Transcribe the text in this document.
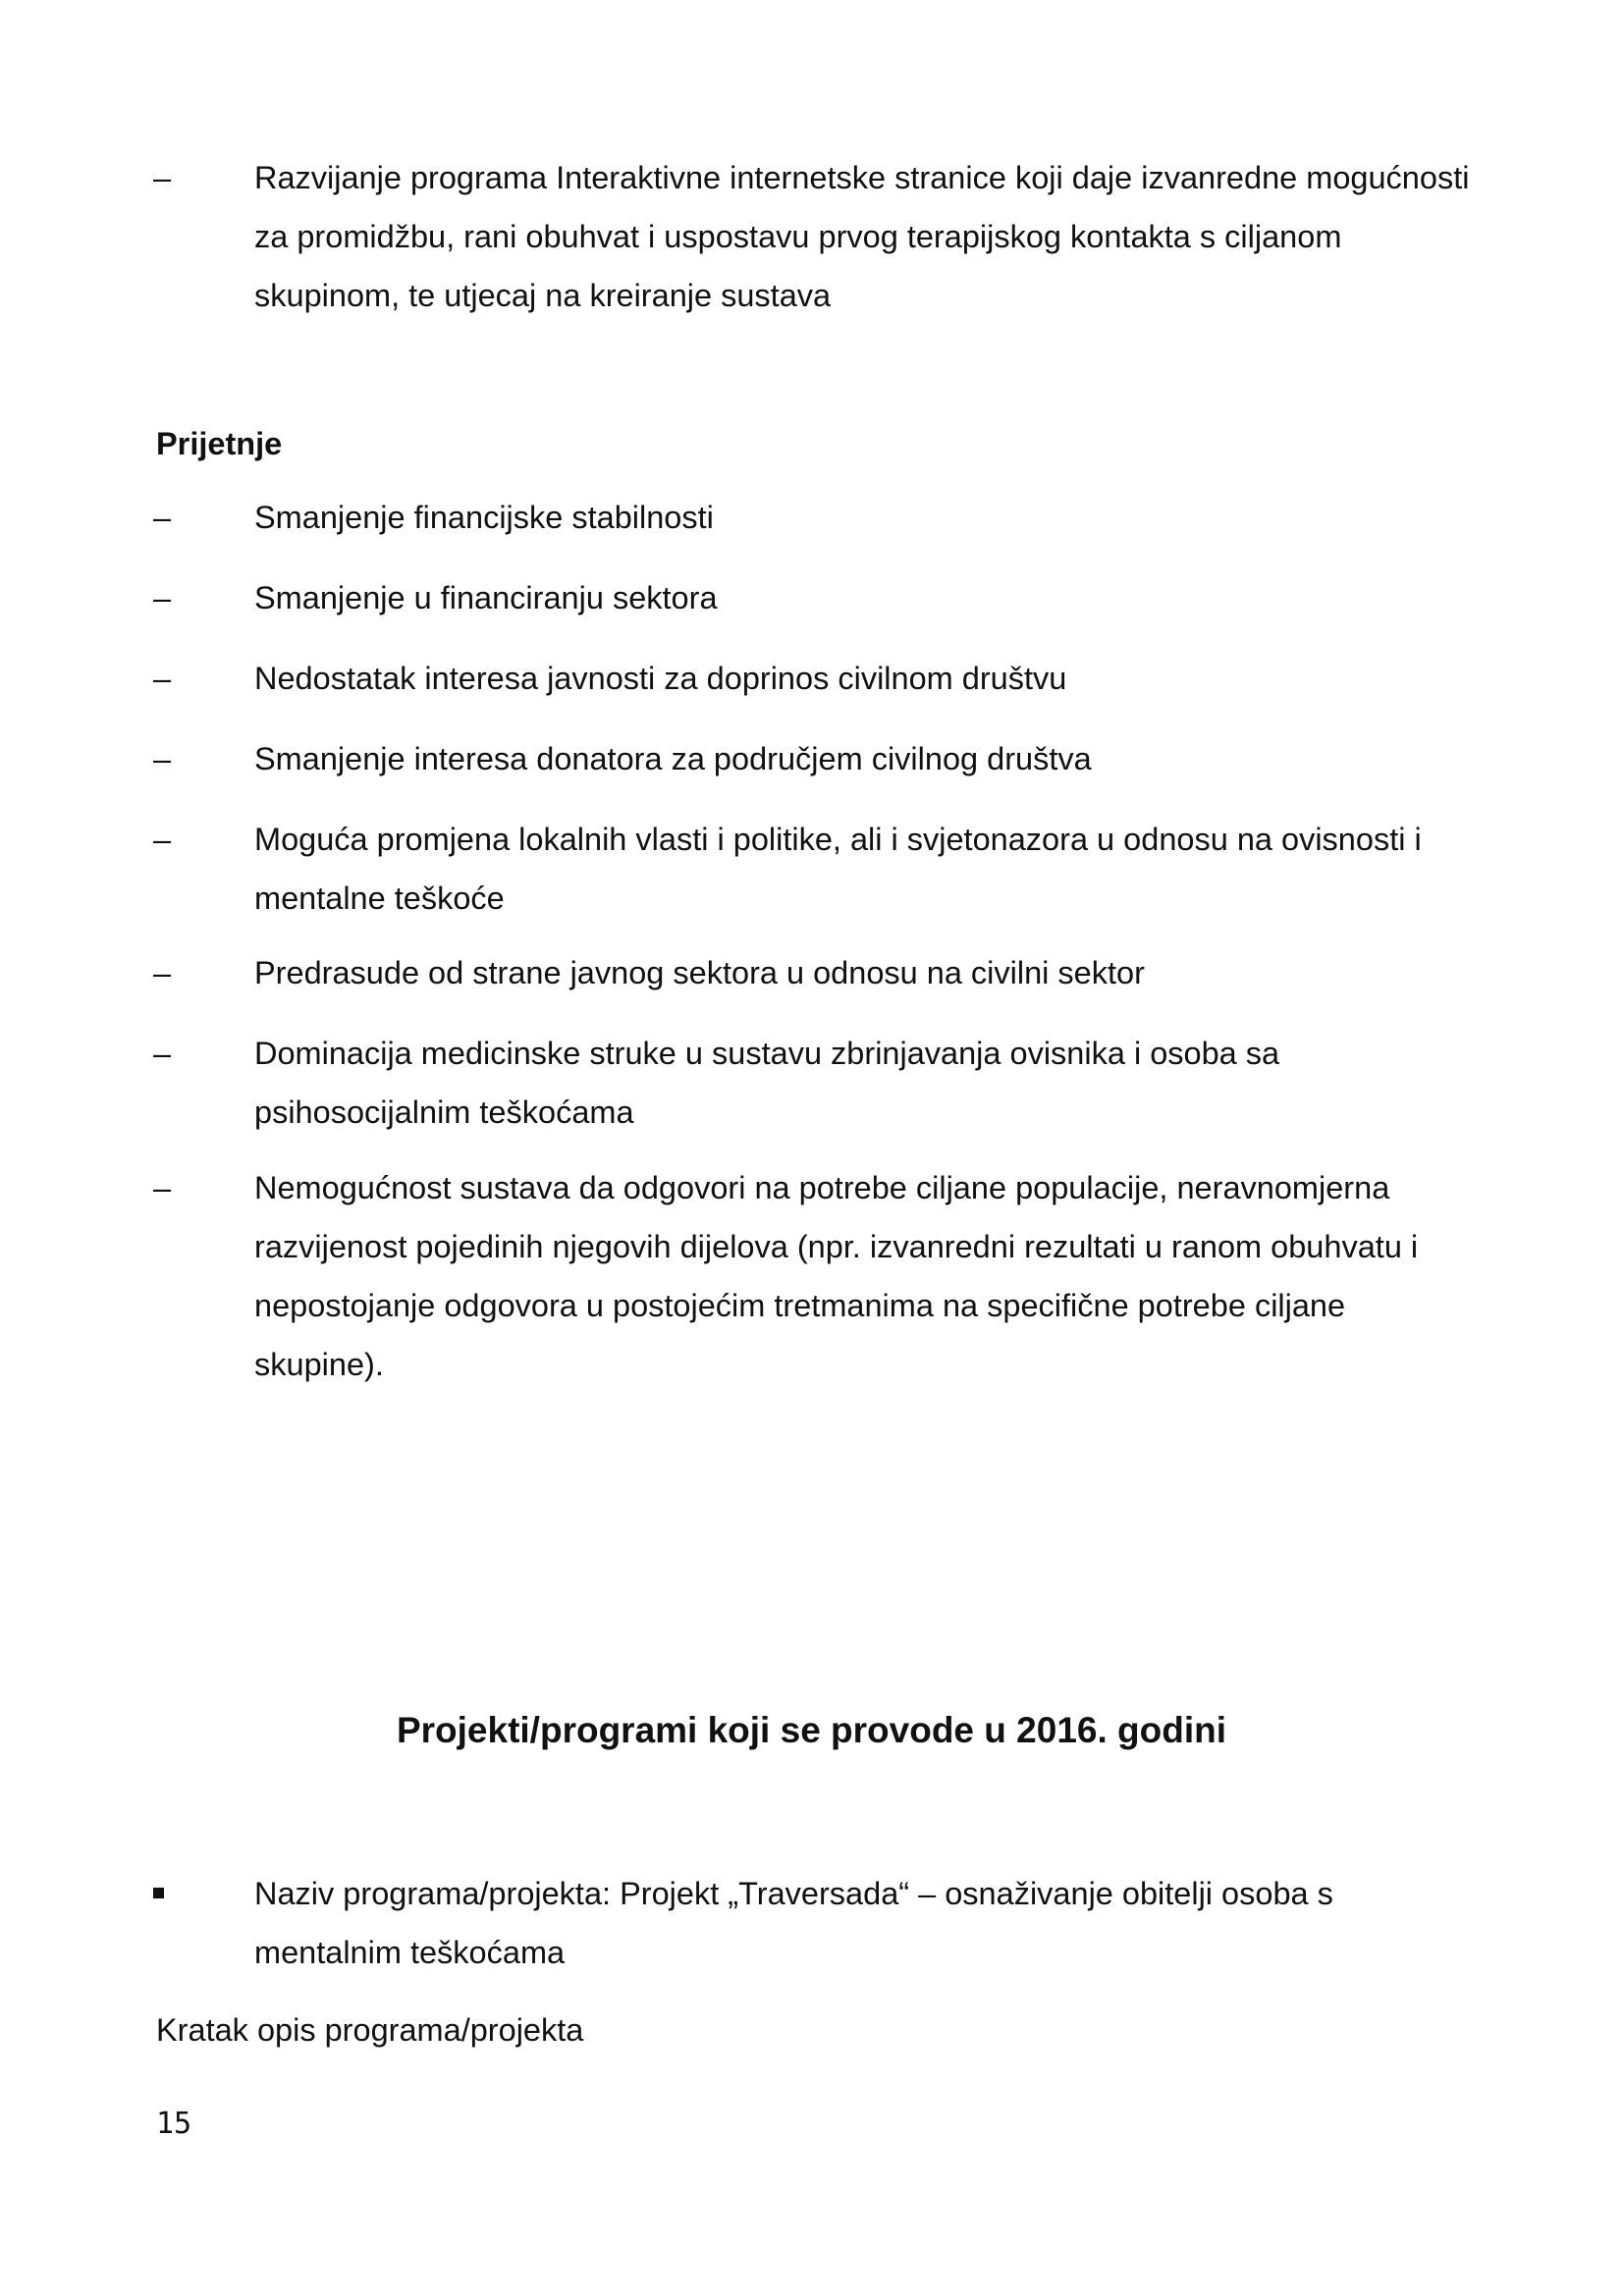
–	Razvijanje programa Interaktivne internetske stranice koji daje izvanredne mogućnosti za promidžbu, rani obuhvat i uspostavu prvog terapijskog kontakta s ciljanom skupinom, te utjecaj na kreiranje sustava
Prijetnje
–	Smanjenje financijske stabilnosti
–	Smanjenje u financiranju sektora
–	Nedostatak interesa javnosti za doprinos civilnom društvu
–	Smanjenje interesa donatora za područjem civilnog društva
–	Moguća promjena lokalnih vlasti i politike, ali i svjetonazora u odnosu na ovisnosti i mentalne teškoće
–	Predrasude od strane javnog sektora u odnosu na civilni sektor
–	Dominacija medicinske struke u sustavu zbrinjavanja ovisnika i osoba sa psihosocijalnim teškoćama
–	Nemogućnost sustava da odgovori na potrebe ciljane populacije, neravnomjerna razvijenost pojedinih njegovih dijelova (npr. izvanredni rezultati u ranom obuhvatu i nepostojanje odgovora u postojećim tretmanima na specifične potrebe ciljane skupine).
Projekti/programi koji se provode u 2016. godini
Naziv programa/projekta: Projekt „Traversada“ – osnaživanje obitelji osoba s mentalnim teškoćama
Kratak opis programa/projekta
15
